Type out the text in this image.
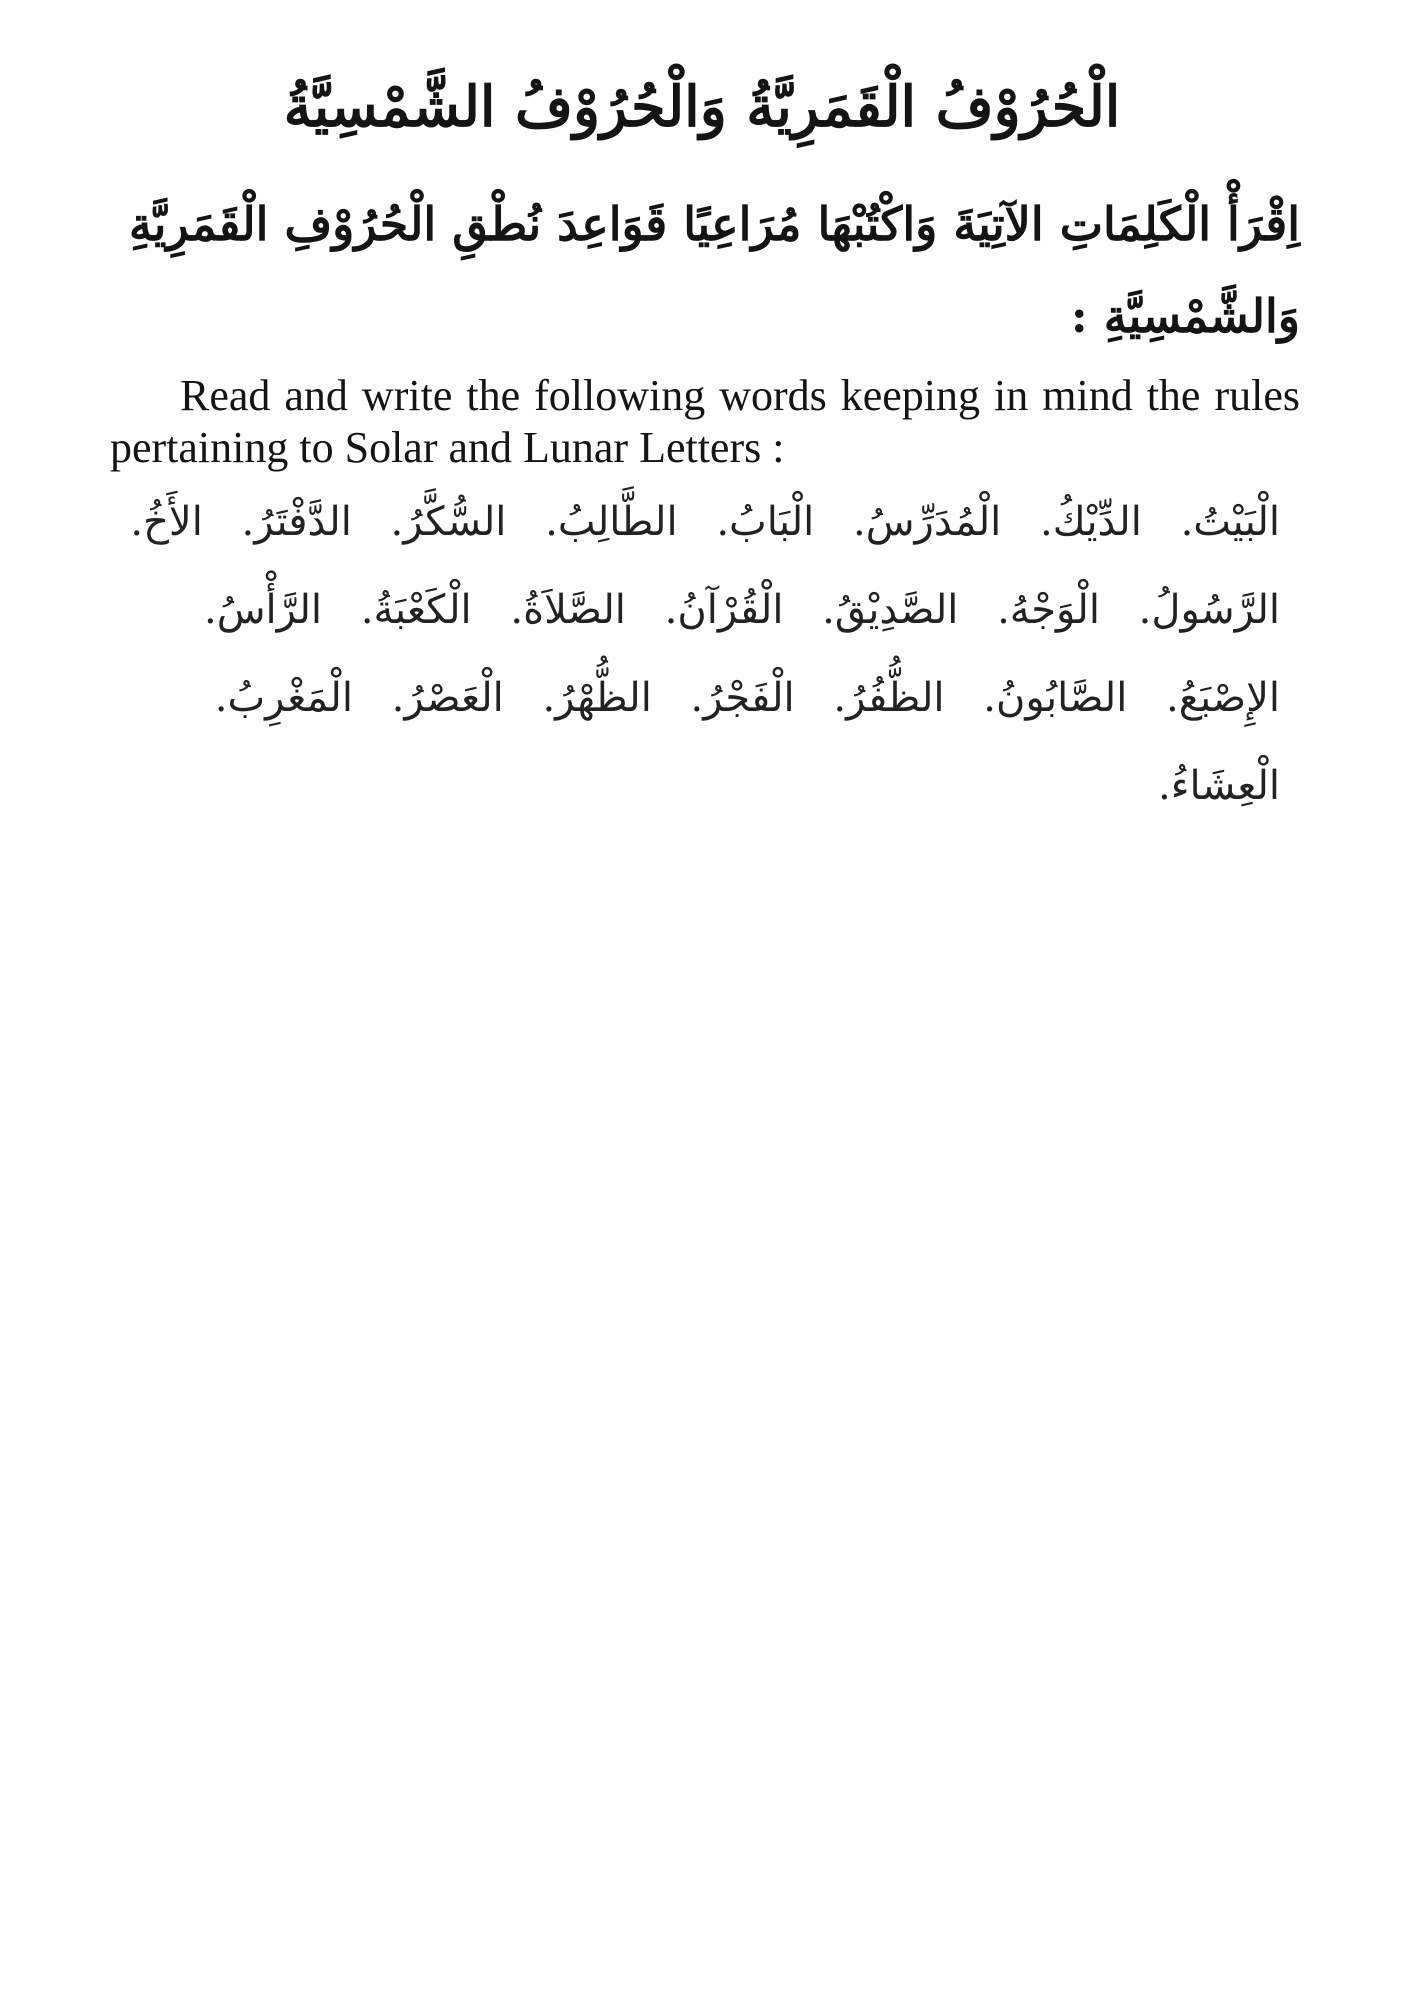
الْحُرُوْفُ الْقَمَرِيَّةُ وَالْحُرُوْفُ الشَّمْسِيَّةُ
اِقْرَأْ الْكَلِمَاتِ الآتِيَةَ وَاكْتُبْهَا مُرَاعِيًا قَوَاعِدَ نُطْقِ الْحُرُوْفِ الْقَمَرِيَّةِ وَالشَّمْسِيَّةِ :
Read and write the following words keeping in mind the rules pertaining to Solar and Lunar Letters :
الْبَيْتُ. الدِّيْكُ. الْمُدَرِّسُ. الْبَابُ. الطَّالِبُ. السُّكَّرُ. الدَّفْتَرُ. الأَخُ.
الرَّسُولُ. الْوَجْهُ. الصَّدِيْقُ. الْقُرْآنُ. الصَّلاَةُ. الْكَعْبَةُ. الرَّأْسُ.
الإِصْبَعُ. الصَّابُونُ. الظُّفُرُ. الْفَجْرُ. الظُّهْرُ. الْعَصْرُ. الْمَغْرِبُ.
الْعِشَاءُ.
